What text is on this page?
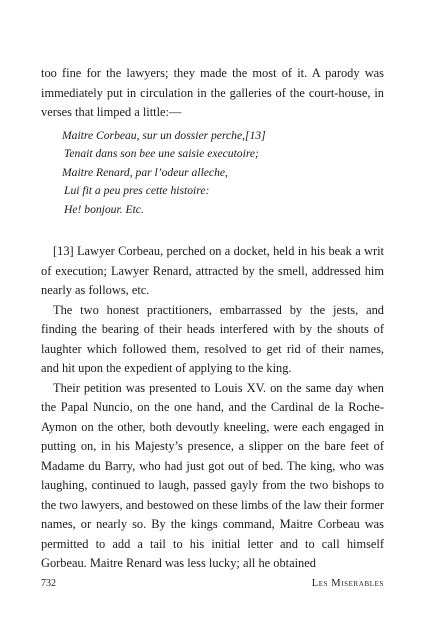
too fine for the lawyers; they made the most of it. A parody was immediately put in circulation in the galleries of the court-house, in verses that limped a little:—

Maitre Corbeau, sur un dossier perche,[13]
Tenait dans son bee une saisie executoire;
Maitre Renard, par l’odeur alleche,
Lui fit a peu pres cette histoire:
He! bonjour. Etc.

[13] Lawyer Corbeau, perched on a docket, held in his beak a writ of execution; Lawyer Renard, attracted by the smell, addressed him nearly as follows, etc.

The two honest practitioners, embarrassed by the jests, and finding the bearing of their heads interfered with by the shouts of laughter which followed them, resolved to get rid of their names, and hit upon the expedient of applying to the king.

Their petition was presented to Louis XV. on the same day when the Papal Nuncio, on the one hand, and the Cardinal de la Roche-Aymon on the other, both devoutly kneeling, were each engaged in putting on, in his Majesty’s presence, a slipper on the bare feet of Madame du Barry, who had just got out of bed. The king, who was laughing, continued to laugh, passed gayly from the two bishops to the two lawyers, and bestowed on these limbs of the law their former names, or nearly so. By the kings command, Maitre Corbeau was permitted to add a tail to his initial letter and to call himself Gorbeau. Maitre Renard was less lucky; all he obtained

732	Les Miserables
